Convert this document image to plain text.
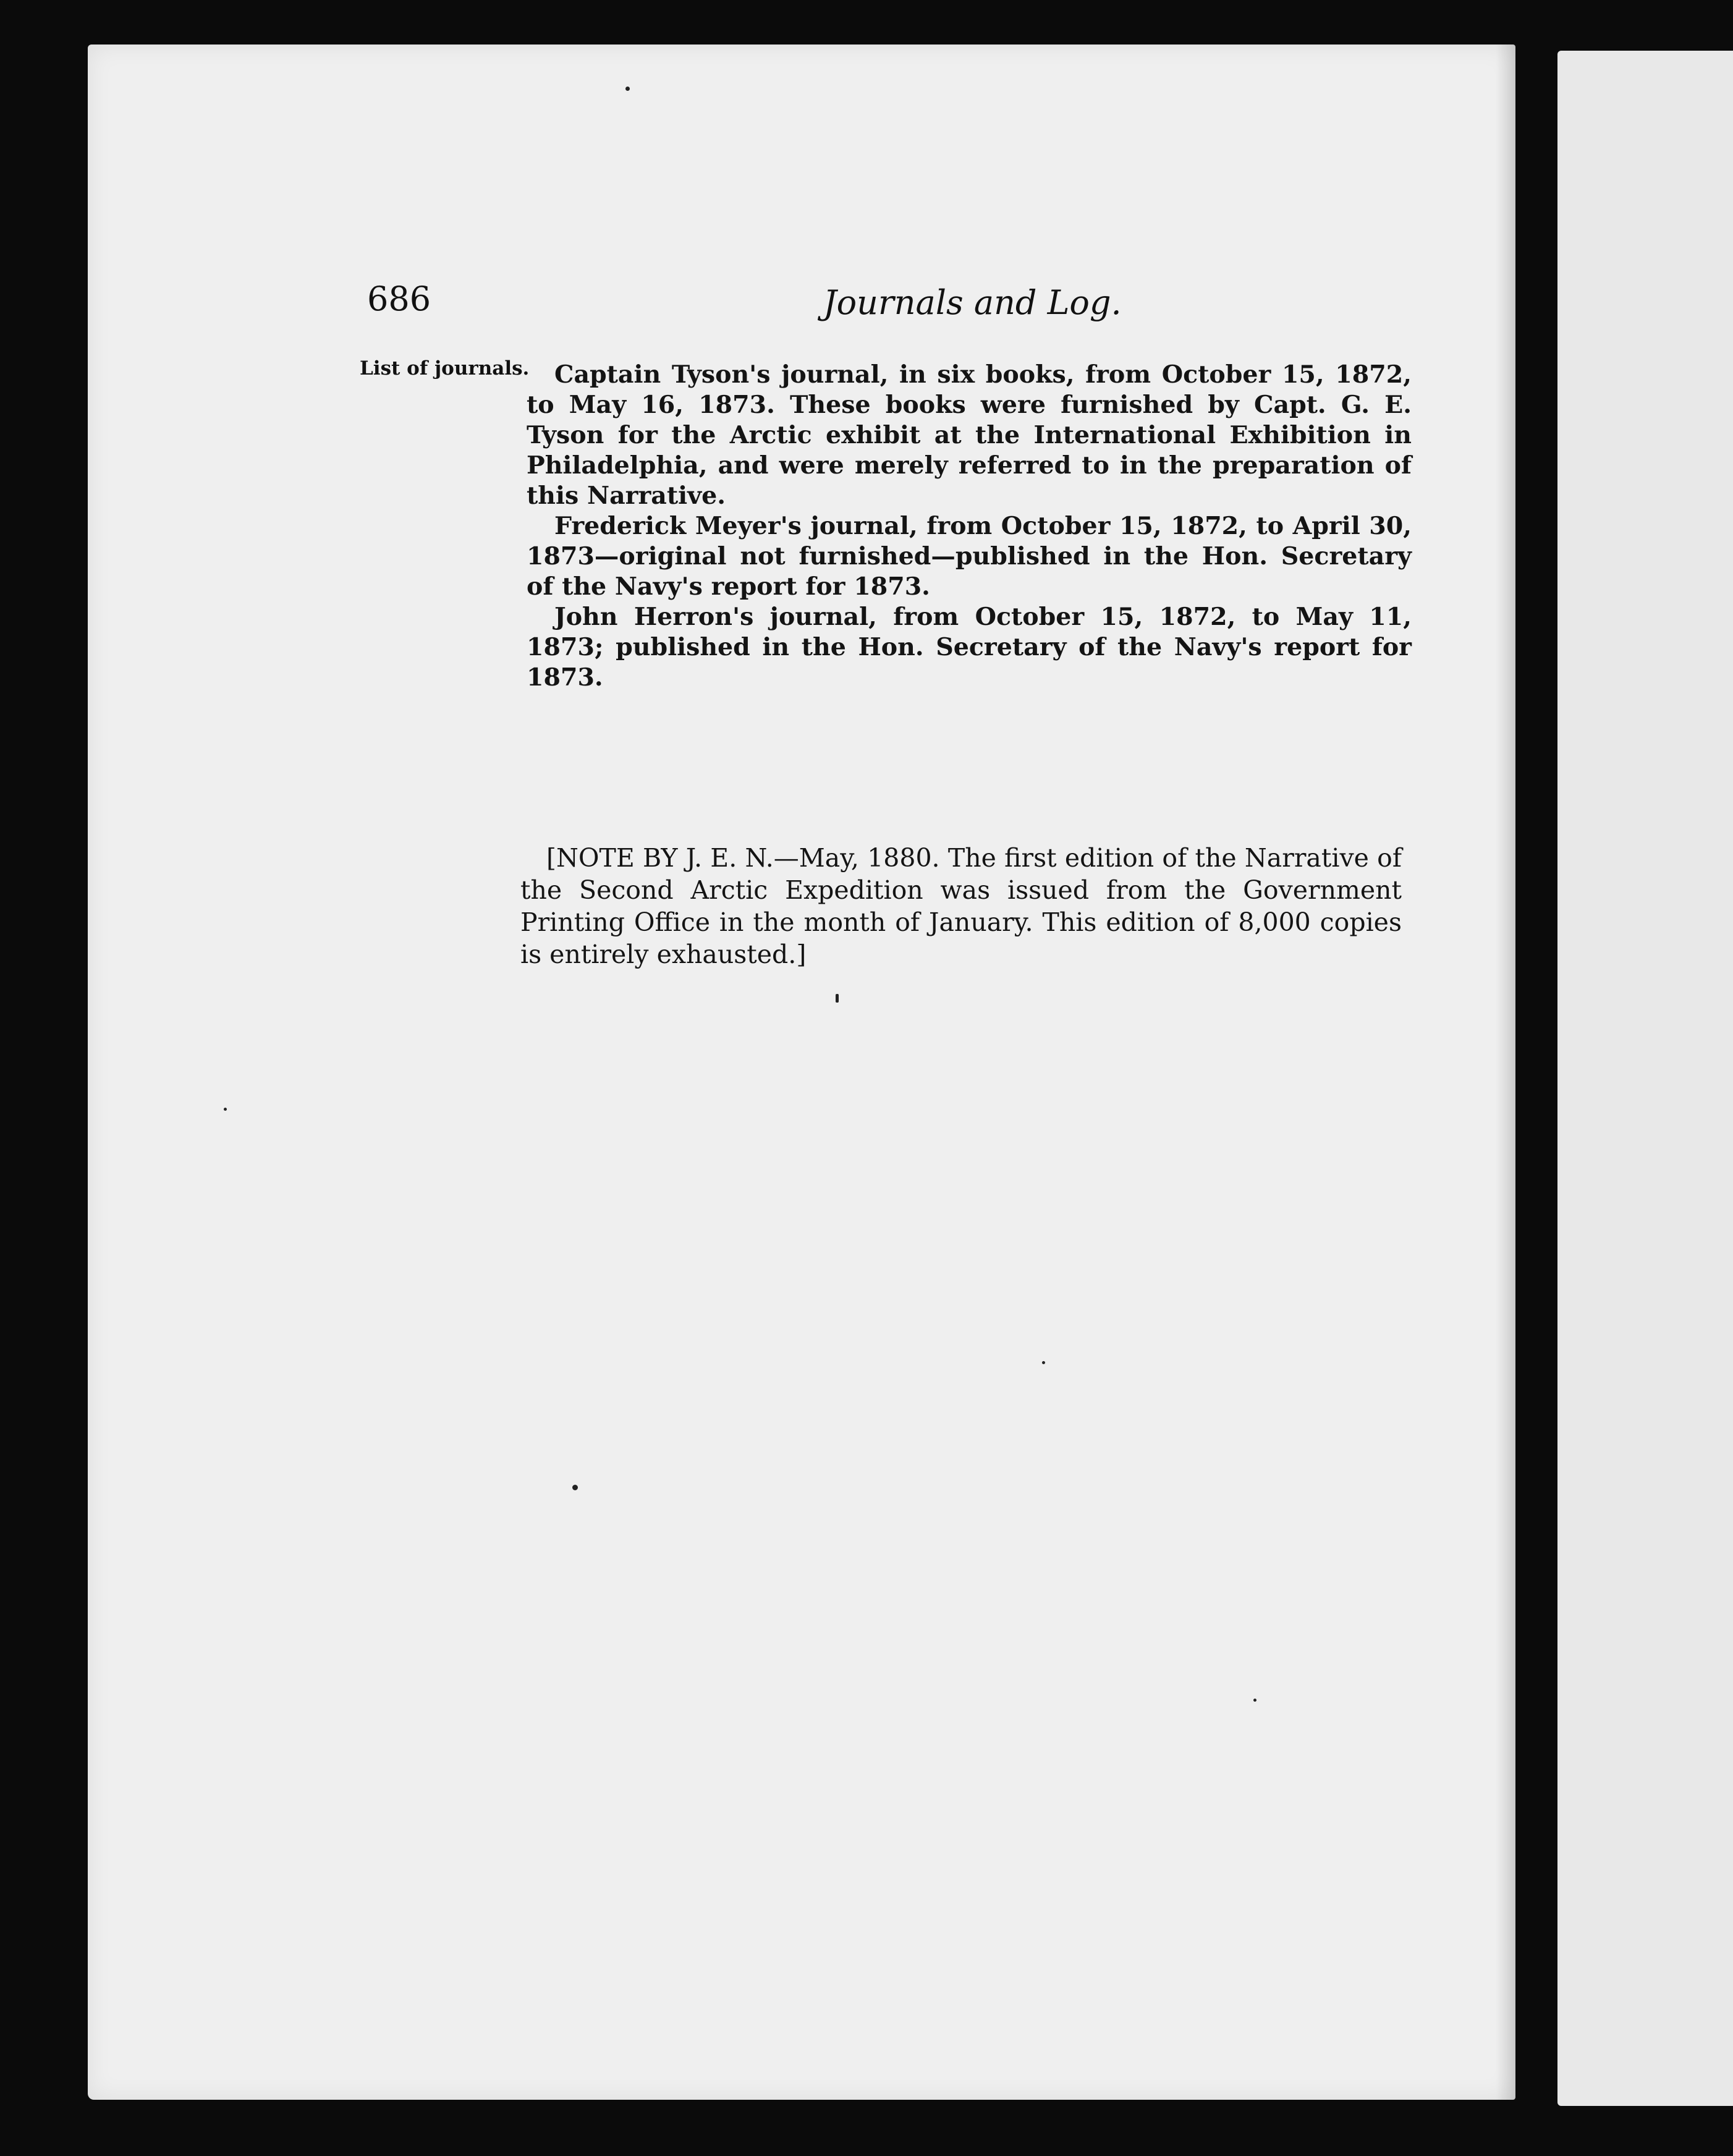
686	Journals and Log.
List of journals.	Captain Tyson's journal, in six books, from October 15, 1872, to May 16, 1873. These books were furnished by Capt. G. E. Tyson for the Arctic exhibit at the International Exhibition in Philadelphia, and were merely referred to in the preparation of this Narrative.

Frederick Meyer's journal, from October 15, 1872, to April 30, 1873—original not furnished—published in the Hon. Secretary of the Navy's report for 1873.

John Herron's journal, from October 15, 1872, to May 11, 1873; published in the Hon. Secretary of the Navy's report for 1873.

[NOTE BY J. E. N.—May, 1880. The first edition of the Narrative of the Second Arctic Expedition was issued from the Government Printing Office in the month of January. This edition of 8,000 copies is entirely exhausted.]
